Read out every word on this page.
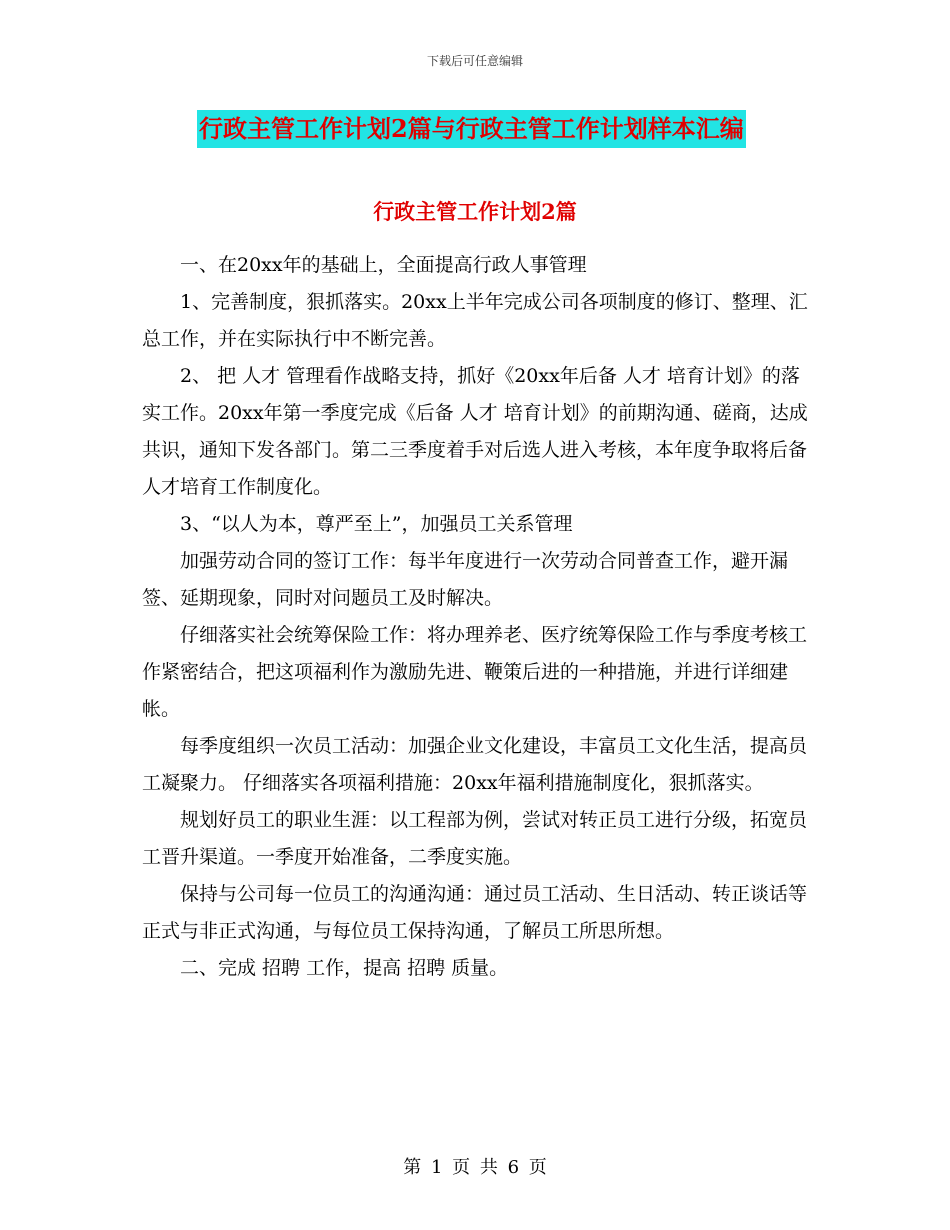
下载后可任意编辑
行政主管工作计划2篇与行政主管工作计划样本汇编
行政主管工作计划2篇

一、在20xx年的基础上，全面提高行政人事管理

1、完善制度，狠抓落实。20xx上半年完成公司各项制度的修订、整理、汇总工作，并在实际执行中不断完善。

2、 把 人才 管理看作战略支持，抓好《20xx年后备 人才 培育计划》的落实工作。20xx年第一季度完成《后备 人才 培育计划》的前期沟通、磋商，达成共识，通知下发各部门。第二三季度着手对后选人进入考核，本年度争取将后备人才培育工作制度化。

3、“以人为本，尊严至上”，加强员工关系管理

加强劳动合同的签订工作：每半年度进行一次劳动合同普查工作，避开漏签、延期现象，同时对问题员工及时解决。

仔细落实社会统筹保险工作：将办理养老、医疗统筹保险工作与季度考核工作紧密结合，把这项福利作为激励先进、鞭策后进的一种措施，并进行详细建帐。

每季度组织一次员工活动：加强企业文化建设，丰富员工文化生活，提高员工凝聚力。 仔细落实各项福利措施：20xx年福利措施制度化，狠抓落实。

规划好员工的职业生涯：以工程部为例，尝试对转正员工进行分级，拓宽员工晋升渠道。一季度开始准备，二季度实施。

保持与公司每一位员工的沟通沟通：通过员工活动、生日活动、转正谈话等正式与非正式沟通，与每位员工保持沟通，了解员工所思所想。

二、完成 招聘 工作，提高 招聘 质量。

第 1 页 共 6 页
